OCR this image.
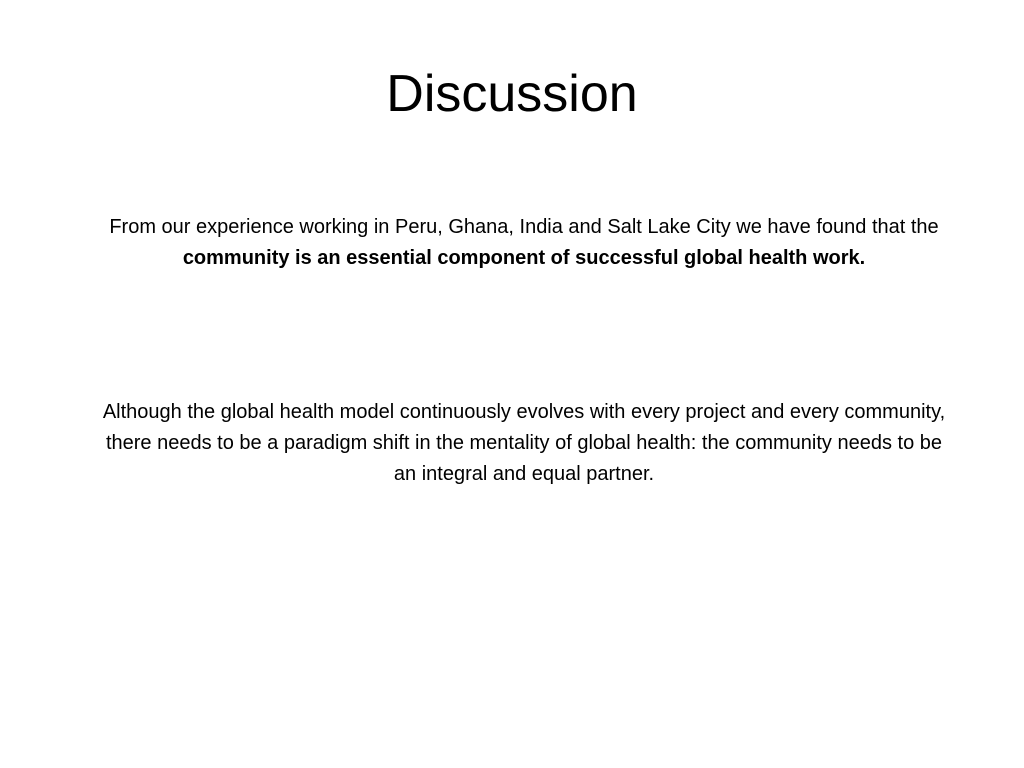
Discussion

From our experience working in Peru, Ghana, India and Salt Lake City we have found that the community is an essential component of successful global health work.

Although the global health model continuously evolves with every project and every community, there needs to be a paradigm shift in the mentality of global health: the community needs to be an integral and equal partner.
